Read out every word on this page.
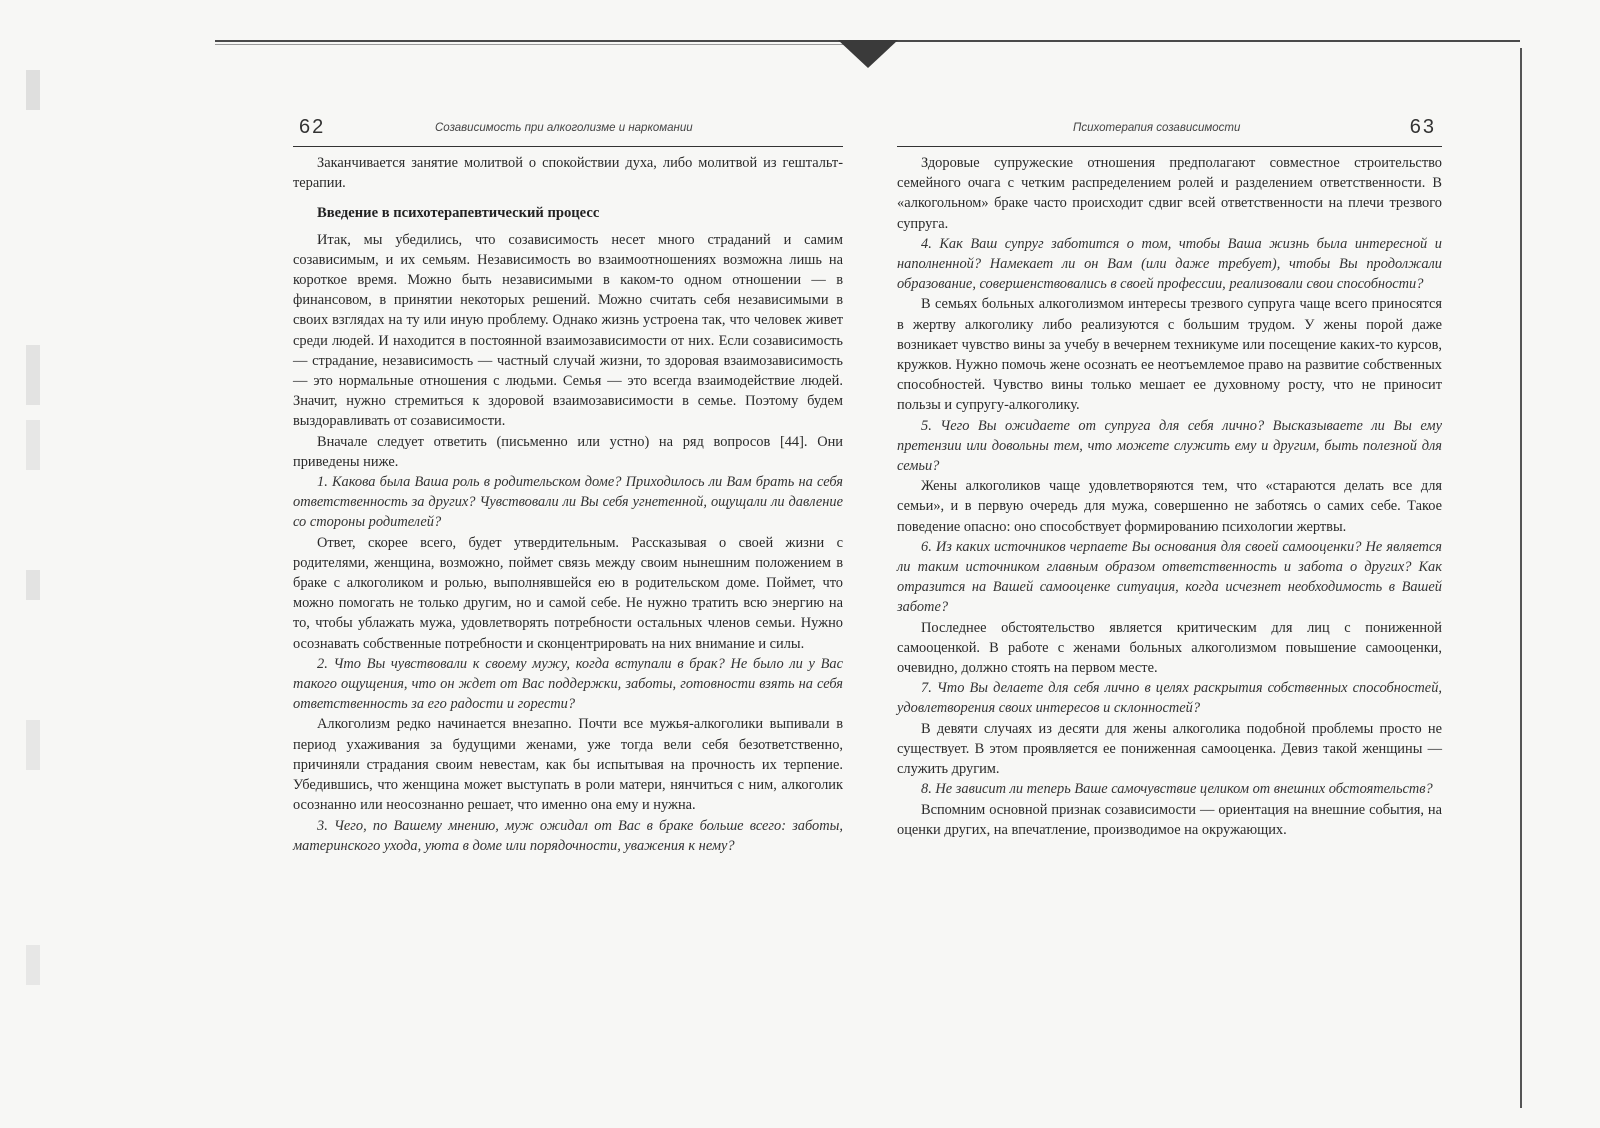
62	Созависимость при алкоголизме и наркомании

Заканчивается занятие молитвой о спокойствии духа, либо молитвой из гештальт-терапии.

Введение в психотерапевтический процесс

Итак, мы убедились, что созависимость несет много страданий и самим созависимым, и их семьям. Независимость во взаимоотношениях возможна лишь на короткое время. Можно быть независимыми в каком-то одном отношении — в финансовом, в принятии некоторых решений. Можно считать себя независимыми в своих взглядах на ту или иную проблему. Однако жизнь устроена так, что человек живет среди людей. И находится в постоянной взаимозависимости от них. Если созависимость — страдание, независимость — частный случай жизни, то здоровая взаимозависимость — это нормальные отношения с людьми. Семья — это всегда взаимодействие людей. Значит, нужно стремиться к здоровой взаимозависимости в семье. Поэтому будем выздоравливать от созависимости.

Вначале следует ответить (письменно или устно) на ряд вопросов [44]. Они приведены ниже.

1. Какова была Ваша роль в родительском доме? Приходилось ли Вам брать на себя ответственность за других? Чувствовали ли Вы себя угнетенной, ощущали ли давление со стороны родителей?

Ответ, скорее всего, будет утвердительным. Рассказывая о своей жизни с родителями, женщина, возможно, поймет связь между своим нынешним положением в браке с алкоголиком и ролью, выполнявшейся ею в родительском доме. Поймет, что можно помогать не только другим, но и самой себе. Не нужно тратить всю энергию на то, чтобы ублажать мужа, удовлетворять потребности остальных членов семьи. Нужно осознавать собственные потребности и сконцентрировать на них внимание и силы.

2. Что Вы чувствовали к своему мужу, когда вступали в брак? Не было ли у Вас такого ощущения, что он ждет от Вас поддержки, заботы, готовности взять на себя ответственность за его радости и горести?

Алкоголизм редко начинается внезапно. Почти все мужья-алкоголики выпивали в период ухаживания за будущими женами, уже тогда вели себя безответственно, причиняли страдания своим невестам, как бы испытывая на прочность их терпение. Убедившись, что женщина может выступать в роли матери, нянчиться с ним, алкоголик осознанно или неосознанно решает, что именно она ему и нужна.

3. Чего, по Вашему мнению, муж ожидал от Вас в браке больше всего: заботы, материнского ухода, уюта в доме или порядочности, уважения к нему?

Психотерапия созависимости	63

Здоровые супружеские отношения предполагают совместное строительство семейного очага с четким распределением ролей и разделением ответственности. В «алкогольном» браке часто происходит сдвиг всей ответственности на плечи трезвого супруга.

4. Как Ваш супруг заботится о том, чтобы Ваша жизнь была интересной и наполненной? Намекает ли он Вам (или даже требует), чтобы Вы продолжали образование, совершенствовались в своей профессии, реализовали свои способности?

В семьях больных алкоголизмом интересы трезвого супруга чаще всего приносятся в жертву алкоголику либо реализуются с большим трудом. У жены порой даже возникает чувство вины за учебу в вечернем техникуме или посещение каких-то курсов, кружков. Нужно помочь жене осознать ее неотъемлемое право на развитие собственных способностей. Чувство вины только мешает ее духовному росту, что не приносит пользы и супругу-алкоголику.

5. Чего Вы ожидаете от супруга для себя лично? Высказываете ли Вы ему претензии или довольны тем, что можете служить ему и другим, быть полезной для семьи?

Жены алкоголиков чаще удовлетворяются тем, что «стараются делать все для семьи», и в первую очередь для мужа, совершенно не заботясь о самих себе. Такое поведение опасно: оно способствует формированию психологии жертвы.

6. Из каких источников черпаете Вы основания для своей самооценки? Не является ли таким источником главным образом ответственность и забота о других? Как отразится на Вашей самооценке ситуация, когда исчезнет необходимость в Вашей заботе?

Последнее обстоятельство является критическим для лиц с пониженной самооценкой. В работе с женами больных алкоголизмом повышение самооценки, очевидно, должно стоять на первом месте.

7. Что Вы делаете для себя лично в целях раскрытия собственных способностей, удовлетворения своих интересов и склонностей?

В девяти случаях из десяти для жены алкоголика подобной проблемы просто не существует. В этом проявляется ее пониженная самооценка. Девиз такой женщины — служить другим.

8. Не зависит ли теперь Ваше самочувствие целиком от внешних обстоятельств?

Вспомним основной признак созависимости — ориентация на внешние события, на оценки других, на впечатление, производимое на окружающих.
